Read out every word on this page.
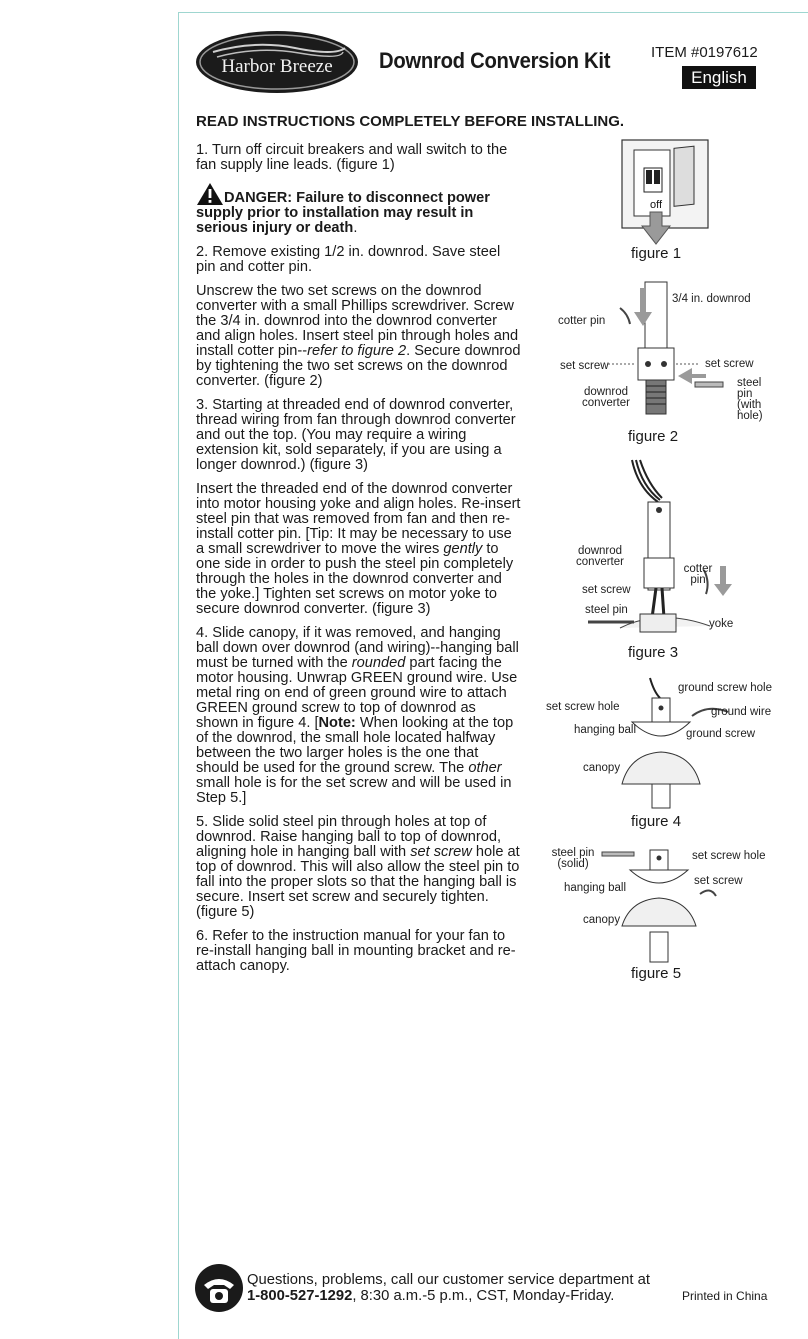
Harbor Breeze Downrod Conversion Kit	ITEM #0197612
English
READ INSTRUCTIONS COMPLETELY BEFORE INSTALLING.

1. Turn off circuit breakers and wall switch to the fan supply line leads. (figure 1)

DANGER: Failure to disconnect power supply prior to installation may result in serious injury or death.

2. Remove existing 1/2 in. downrod. Save steel pin and cotter pin.

Unscrew the two set screws on the downrod converter with a small Phillips screwdriver. Screw the 3/4 in. downrod into the downrod converter and align holes. Insert steel pin through holes and install cotter pin--refer to figure 2. Secure downrod by tightening the two set screws on the downrod converter. (figure 2)

3. Starting at threaded end of downrod converter, thread wiring from fan through downrod converter and out the top. (You may require a wiring extension kit, sold separately, if you are using a longer downrod.) (figure 3)

Insert the threaded end of the downrod converter into motor housing yoke and align holes. Re-insert steel pin that was removed from fan and then re-install cotter pin. [Tip: It may be necessary to use a small screwdriver to move the wires gently to one side in order to push the steel pin completely through the holes in the downrod converter and the yoke.] Tighten set screws on motor yoke to secure downrod converter. (figure 3)

4. Slide canopy, if it was removed, and hanging ball down over downrod (and wiring)--hanging ball must be turned with the rounded part facing the motor housing. Unwrap GREEN ground wire. Use metal ring on end of green ground wire to attach GREEN ground screw to top of downrod as shown in figure 4. [Note: When looking at the top of the downrod, the small hole located halfway between the two larger holes is the one that should be used for the ground screw. The other small hole is for the set screw and will be used in Step 5.]

5. Slide solid steel pin through holes at top of downrod. Raise hanging ball to top of downrod, aligning hole in hanging ball with set screw hole at top of downrod. This will also allow the steel pin to fall into the proper slots so that the hanging ball is secure. Insert set screw and securely tighten. (figure 5)

6. Refer to the instruction manual for your fan to re-install hanging ball in mounting bracket and re-attach canopy.

off
figure 1
3/4 in. downrod
cotter pin
set screw	set screw
downrod converter
steel pin (with hole)
figure 2
downrod converter
cotter pin
set screw
steel pin
yoke
figure 3
ground screw hole
set screw hole	ground wire
hanging ball	ground screw
canopy
figure 4
steel pin (solid)
set screw hole
hanging ball
set screw
canopy
figure 5
Questions, problems, call our customer service department at
1-800-527-1292, 8:30 a.m.-5 p.m., CST, Monday-Friday.	Printed in China
